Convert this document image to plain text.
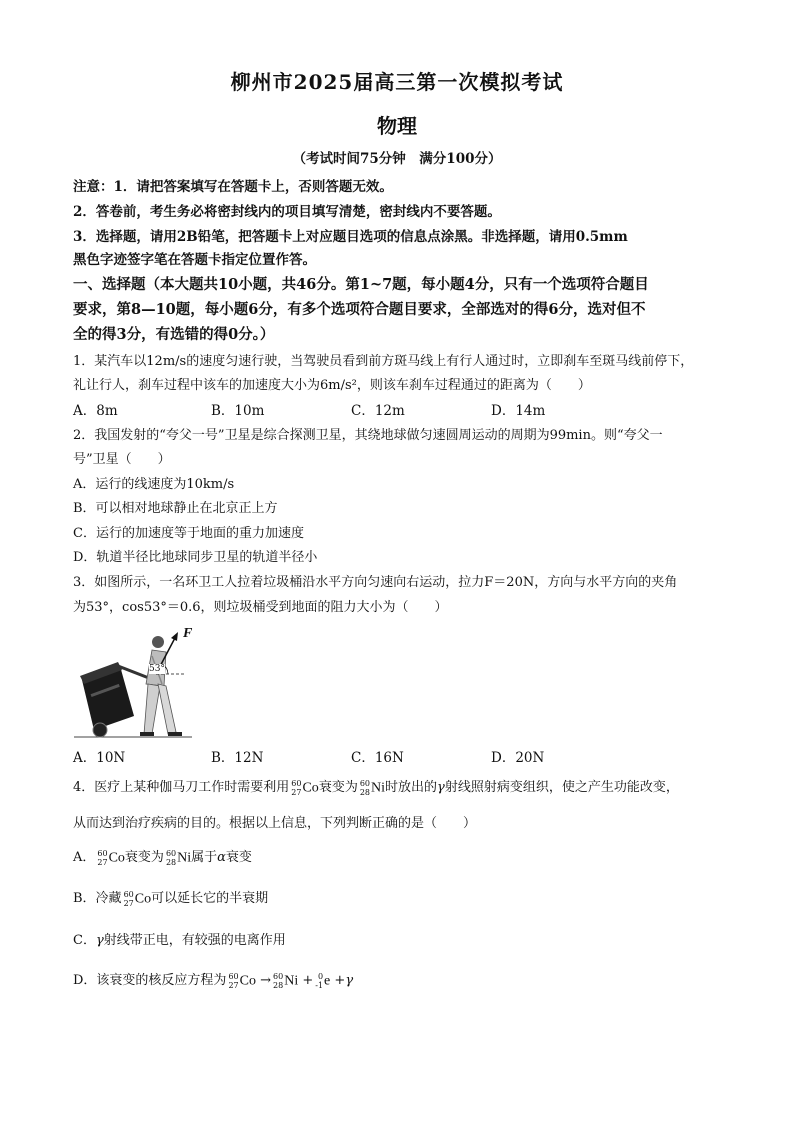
柳州市2025届高三第一次模拟考试
物理
（考试时间75分钟　满分100分）
注意：1．请把答案填写在答题卡上，否则答题无效。
2．答卷前，考生务必将密封线内的项目填写清楚，密封线内不要答题。
3．选择题，请用2B铅笔，把答题卡上对应题目选项的信息点涂黑。非选择题，请用0.5mm
黑色字迹签字笔在答题卡指定位置作答。
一、选择题（本大题共10小题，共46分。第1~7题，每小题4分，只有一个选项符合题目
要求，第8—10题，每小题6分，有多个选项符合题目要求，全部选对的得6分，选对但不
全的得3分，有选错的得0分。）
1．某汽车以12m/s的速度匀速行驶，当驾驶员看到前方斑马线上有行人通过时，立即刹车至斑马线前停下，
礼让行人，刹车过程中该车的加速度大小为6m/s²，则该车刹车过程通过的距离为（　　）
A．8m	B．10m	C．12m	D．14m
2．我国发射的“夸父一号”卫星是综合探测卫星，其绕地球做匀速圆周运动的周期为99min。则“夸父一
号”卫星（　　）
A．运行的线速度为10km/s
B．可以相对地球静止在北京正上方
C．运行的加速度等于地面的重力加速度
D．轨道半径比地球同步卫星的轨道半径小
3．如图所示，一名环卫工人拉着垃圾桶沿水平方向匀速向右运动，拉力F＝20N，方向与水平方向的夹角
为53°，cos53°＝0.6，则垃圾桶受到地面的阻力大小为（　　）
F
53°
A．10N	B．12N	C．16N	D．20N
4．医疗上某种伽马刀工作时需要利用 60
27 Co衰变为 60
28 Ni时放出的γ射线照射病变组织，使之产生功能改变，
从而达到治疗疾病的目的。根据以上信息，下列判断正确的是（　　）
A． 60
27 Co衰变为 60
28 Ni属于α衰变
B．冷藏 60
27 Co可以延长它的半衰期
C．γ射线带正电，有较强的电离作用
D．该衰变的核反应方程为 60
27 Co → 60
28 Ni + 0
-1 e +γ
